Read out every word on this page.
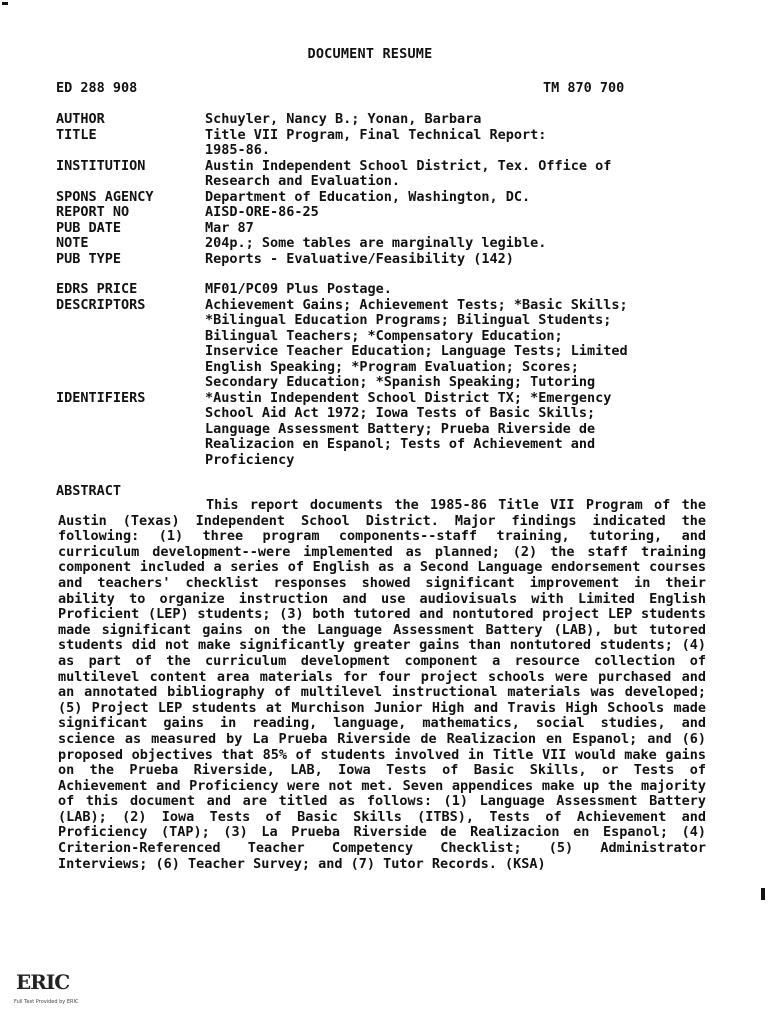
DOCUMENT RESUME
ED 288 908	TM 870 700
AUTHOR	Schuyler, Nancy B.; Yonan, Barbara
TITLE	Title VII Program, Final Technical Report:
1985-86.
INSTITUTION	Austin Independent School District, Tex. Office of
Research and Evaluation.
SPONS AGENCY	Department of Education, Washington, DC.
REPORT NO	AISD-ORE-86-25
PUB DATE	Mar 87
NOTE	204p.; Some tables are marginally legible.
PUB TYPE	Reports - Evaluative/Feasibility (142)
EDRS PRICE	MF01/PC09 Plus Postage.
DESCRIPTORS	Achievement Gains; Achievement Tests; *Basic Skills;
*Bilingual Education Programs; Bilingual Students;
Bilingual Teachers; *Compensatory Education;
Inservice Teacher Education; Language Tests; Limited
English Speaking; *Program Evaluation; Scores;
Secondary Education; *Spanish Speaking; Tutoring
IDENTIFIERS	*Austin Independent School District TX; *Emergency
School Aid Act 1972; Iowa Tests of Basic Skills;
Language Assessment Battery; Prueba Riverside de
Realizacion en Espanol; Tests of Achievement and
Proficiency
ABSTRACT
This report documents the 1985-86 Title VII Program of the Austin (Texas) Independent School District. Major findings indicated the following: (1) three program components--staff training, tutoring, and curriculum development--were implemented as planned; (2) the staff training component included a series of English as a Second Language endorsement courses and teachers' checklist responses showed significant improvement in their ability to organize instruction and use audiovisuals with Limited English Proficient (LEP) students; (3) both tutored and nontutored project LEP students made significant gains on the Language Assessment Battery (LAB), but tutored students did not make significantly greater gains than nontutored students; (4) as part of the curriculum development component a resource collection of multilevel content area materials for four project schools were purchased and an annotated bibliography of multilevel instructional materials was developed; (5) Project LEP students at Murchison Junior High and Travis High Schools made significant gains in reading, language, mathematics, social studies, and science as measured by La Prueba Riverside de Realizacion en Espanol; and (6) proposed objectives that 85% of students involved in Title VII would make gains on the Prueba Riverside, LAB, Iowa Tests of Basic Skills, or Tests of Achievement and Proficiency were not met. Seven appendices make up the majority of this document and are titled as follows: (1) Language Assessment Battery (LAB); (2) Iowa Tests of Basic Skills (ITBS), Tests of Achievement and Proficiency (TAP); (3) La Prueba Riverside de Realizacion en Espanol; (4) Criterion-Referenced Teacher Competency Checklist; (5) Administrator Interviews; (6) Teacher Survey; and (7) Tutor Records. (KSA)
ERIC
Full Text Provided by ERIC
